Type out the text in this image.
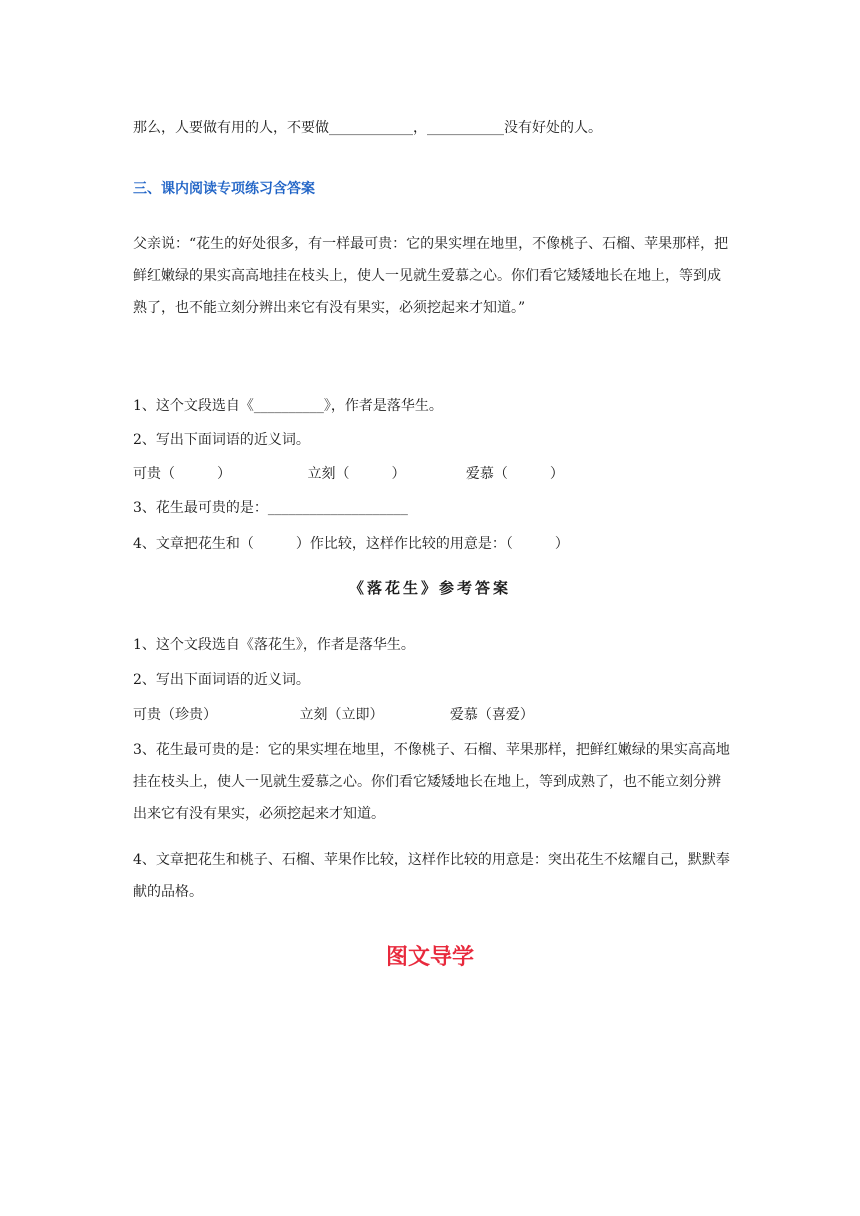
那么，人要做有用的人，不要做____________，___________没有好处的人。
三、课内阅读专项练习含答案
父亲说：“花生的好处很多，有一样最可贵：它的果实埋在地里，不像桃子、石榴、苹果那样，把鲜红嫩绿的果实高高地挂在枝头上，使人一见就生爱慕之心。你们看它矮矮地长在地上，等到成熟了，也不能立刻分辨出来它有没有果实，必须挖起来才知道。”
1、这个文段选自《__________》，作者是落华生。
2、写出下面词语的近义词。
可贵（　　　）	立刻（　　　）	爱慕（　　　）
3、花生最可贵的是：____________________
4、文章把花生和（　　　）作比较，这样作比较的用意是：（　　　）
《落花生》参考答案
1、这个文段选自《落花生》，作者是落华生。
2、写出下面词语的近义词。
可贵（珍贵）	立刻（立即）	爱慕（喜爱）
3、花生最可贵的是：它的果实埋在地里，不像桃子、石榴、苹果那样，把鲜红嫩绿的果实高高地挂在枝头上，使人一见就生爱慕之心。你们看它矮矮地长在地上，等到成熟了，也不能立刻分辨出来它有没有果实，必须挖起来才知道。
4、文章把花生和桃子、石榴、苹果作比较，这样作比较的用意是：突出花生不炫耀自己，默默奉献的品格。
图文导学
